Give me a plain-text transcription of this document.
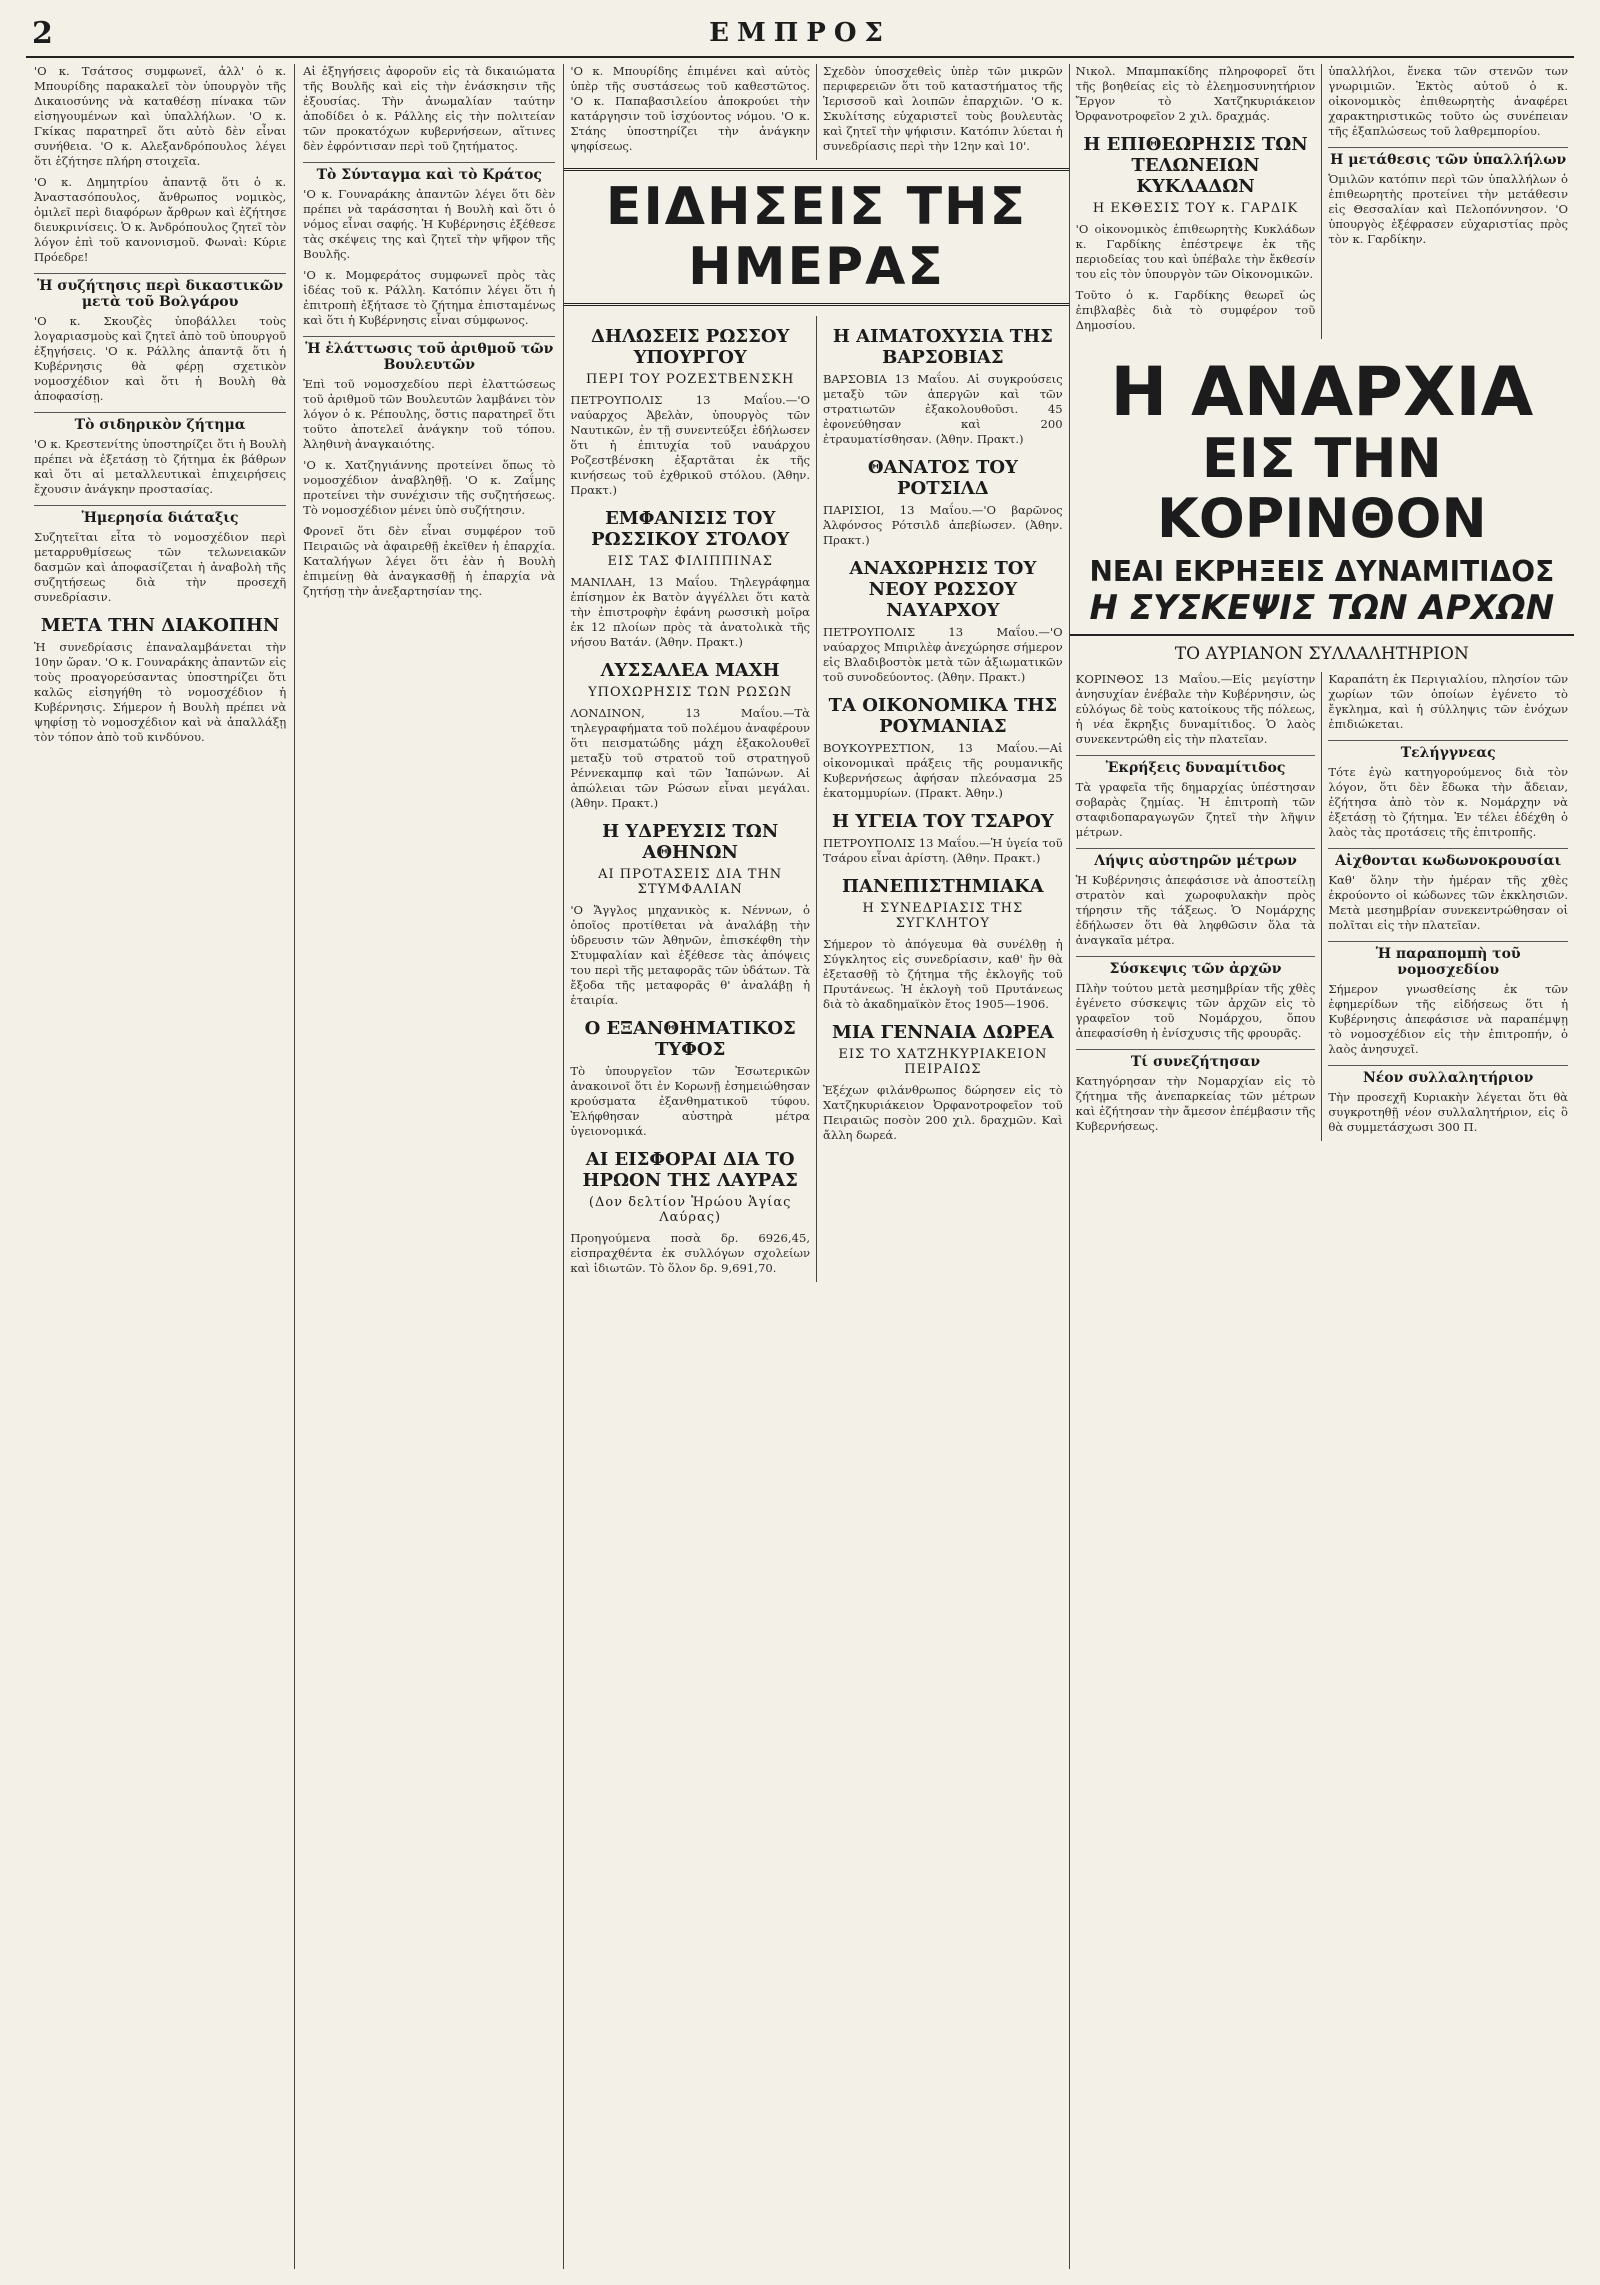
2	ΕΜΠΡΟΣ

'Ο κ. Τσάτσος συμφωνεῖ, ἀλλ' ὁ κ. Μπουρίδης παρακαλεῖ τὸν ὑπουργὸν τῆς Δικαιοσύνης νὰ καταθέσῃ πίνακα τῶν εἰσηγουμένων καὶ ὑπαλλήλων. 'Ο κ. Γκίκας παρατηρεῖ ὅτι αὐτὸ δὲν εἶναι συνήθεια. 'Ο κ. Αλεξανδρόπουλος λέγει ὅτι ἐζήτησε πλήρη στοιχεῖα.

'Ο κ. Δημητρίου ἀπαντᾷ ὅτι ὁ κ. Ἀναστασόπουλος, ἄνθρωπος νομικὸς, ὁμιλεῖ περὶ διαφόρων ἄρθρων καὶ ἐζήτησε διευκρινίσεις. Ὁ κ. Ἀνδρόπουλος ζητεῖ τὸν λόγον ἐπὶ τοῦ κανονισμοῦ. Φωναὶ: Κύριε Πρόεδρε!

Ἡ συζήτησις περὶ δικαστικῶν μετὰ τοῦ Βολγάρου

'Ο κ. Σκουζὲς ὑποβάλλει τοὺς λογαριασμοὺς καὶ ζητεῖ ἀπὸ τοῦ ὑπουργοῦ ἐξηγήσεις. 'Ο κ. Ράλλης ἀπαντᾷ ὅτι ἡ Κυβέρνησις θὰ φέρῃ σχετικὸν νομοσχέδιον καὶ ὅτι ἡ Βουλὴ θὰ ἀποφασίσῃ.

Τὸ σιδηρικὸν ζήτημα

'Ο κ. Κρεστενίτης ὑποστηρίζει ὅτι ἡ Βουλὴ πρέπει νὰ ἐξετάσῃ τὸ ζήτημα ἐκ βάθρων καὶ ὅτι αἱ μεταλλευτικαὶ ἐπιχειρήσεις ἔχουσιν ἀνάγκην προστασίας.

Ἡμερησία διάταξις

Συζητεῖται εἶτα τὸ νομοσχέδιον περὶ μεταρρυθμίσεως τῶν τελωνειακῶν δασμῶν καὶ ἀποφασίζεται ἡ ἀναβολὴ τῆς συζητήσεως διὰ τὴν προσεχῆ συνεδρίασιν.

ΜΕΤΑ ΤΗΝ ΔΙΑΚΟΠΗΝ

Ἡ συνεδρίασις ἐπαναλαμβάνεται τὴν 10ην ὥραν. 'Ο κ. Γουναράκης ἀπαντῶν εἰς τοὺς προαγορεύσαντας ὑποστηρίζει ὅτι καλῶς εἰσηγήθη τὸ νομοσχέδιον ἡ Κυβέρνησις. Σήμερον ἡ Βουλὴ πρέπει νὰ ψηφίσῃ τὸ νομοσχέδιον καὶ νὰ ἀπαλλάξῃ τὸν τόπον ἀπὸ τοῦ κινδύνου.

Αἱ ἐξηγήσεις ἀφοροῦν εἰς τὰ δικαιώματα τῆς Βουλῆς καὶ εἰς τὴν ἐνάσκησιν τῆς ἐξουσίας. Τὴν ἀνωμαλίαν ταύτην ἀποδίδει ὁ κ. Ράλλης εἰς τὴν πολιτείαν τῶν προκατόχων κυβερνήσεων, αἵτινες δὲν ἐφρόντισαν περὶ τοῦ ζητήματος.

Τὸ Σύνταγμα καὶ τὸ Κράτος

'Ο κ. Γουναράκης ἀπαντῶν λέγει ὅτι δὲν πρέπει νὰ ταράσσηται ἡ Βουλὴ καὶ ὅτι ὁ νόμος εἶναι σαφής. Ἡ Κυβέρνησις ἐξέθεσε τὰς σκέψεις της καὶ ζητεῖ τὴν ψῆφον τῆς Βουλῆς.

'Ο κ. Μομφεράτος συμφωνεῖ πρὸς τὰς ἰδέας τοῦ κ. Ράλλη. Κατόπιν λέγει ὅτι ἡ ἐπιτροπὴ ἐξήτασε τὸ ζήτημα ἐπισταμένως καὶ ὅτι ἡ Κυβέρνησις εἶναι σύμφωνος.

Ἡ ἐλάττωσις τοῦ ἀριθμοῦ τῶν Βουλευτῶν

Ἐπὶ τοῦ νομοσχεδίου περὶ ἐλαττώσεως τοῦ ἀριθμοῦ τῶν Βουλευτῶν λαμβάνει τὸν λόγον ὁ κ. Ρέπουλης, ὅστις παρατηρεῖ ὅτι τοῦτο ἀποτελεῖ ἀνάγκην τοῦ τόπου. Ἀληθινὴ ἀναγκαιότης.

'Ο κ. Χατζηγιάννης προτείνει ὅπως τὸ νομοσχέδιον ἀναβληθῇ. 'Ο κ. Ζαΐμης προτείνει τὴν συνέχισιν τῆς συζητήσεως. Τὸ νομοσχέδιον μένει ὑπὸ συζήτησιν.

Φρονεῖ ὅτι δὲν εἶναι συμφέρον τοῦ Πειραιῶς νὰ ἀφαιρεθῇ ἐκεῖθεν ἡ ἐπαρχία. Καταλήγων λέγει ὅτι ἐὰν ἡ Βουλὴ ἐπιμείνῃ θὰ ἀναγκασθῇ ἡ ἐπαρχία νὰ ζητήσῃ τὴν ἀνεξαρτησίαν της.

'Ο κ. Μπουρίδης ἐπιμένει καὶ αὐτὸς ὑπὲρ τῆς συστάσεως τοῦ καθεστῶτος. 'Ο κ. Παπαβασιλείου ἀποκρούει τὴν κατάργησιν τοῦ ἰσχύοντος νόμου. 'Ο κ. Στάης ὑποστηρίζει τὴν ἀνάγκην ψηφίσεως.

Σχεδὸν ὑποσχεθεὶς ὑπὲρ τῶν μικρῶν περιφερειῶν ὅτι τοῦ καταστήματος τῆς Ἱερισσοῦ καὶ λοιπῶν ἐπαρχιῶν. 'Ο κ. Σκυλίτσης εὐχαριστεῖ τοὺς βουλευτὰς καὶ ζητεῖ τὴν ψήφισιν. Κατόπιν λύεται ἡ συνεδρίασις περὶ τὴν 12ην καὶ 10'.

ΕΙΔΗΣΕΙΣ ΤΗΣ ΗΜΕΡΑΣ
ΔΗΛΩΣΕΙΣ ΡΩΣΣΟΥ ΥΠΟΥΡΓΟΥ
ΠΕΡΙ ΤΟΥ ΡΟΖΕΣΤΒΕΝΣΚΗ

ΠΕΤΡΟΥΠΟΛΙΣ 13 Μαΐου.—'Ο ναύαρχος Ἀβελὰν, ὑπουργὸς τῶν Ναυτικῶν, ἐν τῇ συνεντεύξει ἐδήλωσεν ὅτι ἡ ἐπιτυχία τοῦ ναυάρχου Ροζεστβένσκη ἐξαρτᾶται ἐκ τῆς κινήσεως τοῦ ἐχθρικοῦ στόλου. (Ἀθην. Πρακτ.)

ΕΜΦΑΝΙΣΙΣ ΤΟΥ ΡΩΣΣΙΚΟΥ ΣΤΟΛΟΥ
ΕΙΣ ΤΑΣ ΦΙΛΙΠΠΙΝΑΣ

ΜΑΝΙΛΑΗ, 13 Μαΐου. Τηλεγράφημα ἐπίσημον ἐκ Βατὸν ἀγγέλλει ὅτι κατὰ τὴν ἐπιστροφὴν ἐφάνη ρωσσικὴ μοῖρα ἐκ 12 πλοίων πρὸς τὰ ἀνατολικὰ τῆς νήσου Βατάν. (Ἀθην. Πρακτ.)

ΛΥΣΣΑΛΕΑ ΜΑΧΗ
ΥΠΟΧΩΡΗΣΙΣ ΤΩΝ ΡΩΣΩΝ

ΛΟΝΔΙΝΟΝ, 13 Μαΐου.—Τὰ τηλεγραφήματα τοῦ πολέμου ἀναφέρουν ὅτι πεισματώδης μάχη ἐξακολουθεῖ μεταξὺ τοῦ στρατοῦ τοῦ στρατηγοῦ Ρέννεκαμπφ καὶ τῶν Ἰαπώνων. Αἱ ἀπώλειαι τῶν Ρώσων εἶναι μεγάλαι. (Ἀθην. Πρακτ.)

Η ΥΔΡΕΥΣΙΣ ΤΩΝ ΑΘΗΝΩΝ
ΑΙ ΠΡΟΤΑΣΕΙΣ ΔΙΑ ΤΗΝ ΣΤΥΜΦΑΛΙΑΝ

'Ο Ἄγγλος μηχανικὸς κ. Νέννων, ὁ ὁποῖος προτίθεται νὰ ἀναλάβῃ τὴν ὑδρευσιν τῶν Ἀθηνῶν, ἐπισκέφθη τὴν Στυμφαλίαν καὶ ἐξέθεσε τὰς ἀπόψεις του περὶ τῆς μεταφορᾶς τῶν ὑδάτων. Τὰ ἔξοδα τῆς μεταφορᾶς θ' ἀναλάβῃ ἡ ἑταιρία.

Ο ΕΞΑΝΘΗΜΑΤΙΚΟΣ ΤΥΦΟΣ

Τὸ ὑπουργεῖον τῶν Ἐσωτερικῶν ἀνακοινοῖ ὅτι ἐν Κορωνῇ ἐσημειώθησαν κρούσματα ἐξανθηματικοῦ τύφου. Ἐλήφθησαν αὐστηρὰ μέτρα ὑγειονομικά.

ΑΙ ΕΙΣΦΟΡΑΙ ΔΙΑ ΤΟ ΗΡΩΟΝ ΤΗΣ ΛΑΥΡΑΣ
(Δον δελτίον Ἡρώου Ἁγίας Λαύρας)

Προηγούμενα ποσὰ δρ. 6926,45, εἰσπραχθέντα ἐκ συλλόγων σχολείων καὶ ἰδιωτῶν. Τὸ ὅλον δρ. 9,691,70.

Η ΑΙΜΑΤΟΧΥΣΙΑ ΤΗΣ ΒΑΡΣΟΒΙΑΣ

ΒΑΡΣΟΒΙΑ 13 Μαΐου. Αἱ συγκρούσεις μεταξὺ τῶν ἀπεργῶν καὶ τῶν στρατιωτῶν ἐξακολουθοῦσι. 45 ἐφονεύθησαν καὶ 200 ἐτραυματίσθησαν. (Ἀθην. Πρακτ.)

ΘΑΝΑΤΟΣ ΤΟΥ ΡΟΤΣΙΛΔ

ΠΑΡΙΣΙΟΙ, 13 Μαΐου.—'Ο βαρῶνος Ἀλφόνσος Ρότσιλδ ἀπεβίωσεν. (Ἀθην. Πρακτ.)

ΑΝΑΧΩΡΗΣΙΣ ΤΟΥ ΝΕΟΥ ΡΩΣΣΟΥ ΝΑΥΑΡΧΟΥ

ΠΕΤΡΟΥΠΟΛΙΣ 13 Μαΐου.—'Ο ναύαρχος Μπιριλὲφ ἀνεχώρησε σήμερον εἰς Βλαδιβοστὸκ μετὰ τῶν ἀξιωματικῶν τοῦ συνοδεύοντος. (Ἀθην. Πρακτ.)

ΤΑ ΟΙΚΟΝΟΜΙΚΑ ΤΗΣ ΡΟΥΜΑΝΙΑΣ

ΒΟΥΚΟΥΡΕΣΤΙΟΝ, 13 Μαΐου.—Αἱ οἰκονομικαὶ πράξεις τῆς ρουμανικῆς Κυβερνήσεως ἀφήσαν πλεόνασμα 25 ἑκατομμυρίων. (Πρακτ. Ἀθην.)

Η ΥΓΕΙΑ ΤΟΥ ΤΣΑΡΟΥ

ΠΕΤΡΟΥΠΟΛΙΣ 13 Μαΐου.—Ἡ ὑγεία τοῦ Τσάρου εἶναι ἀρίστη. (Ἀθην. Πρακτ.)

ΠΑΝΕΠΙΣΤΗΜΙΑΚΑ
Η ΣΥΝΕΔΡΙΑΣΙΣ ΤΗΣ ΣΥΓΚΛΗΤΟΥ

Σήμερον τὸ ἀπόγευμα θὰ συνέλθῃ ἡ Σύγκλητος εἰς συνεδρίασιν, καθ' ἣν θὰ ἐξετασθῇ τὸ ζήτημα τῆς ἐκλογῆς τοῦ Πρυτάνεως. Ἡ ἐκλογὴ τοῦ Πρυτάνεως διὰ τὸ ἀκαδημαϊκὸν ἔτος 1905—1906.

ΜΙΑ ΓΕΝΝΑΙΑ ΔΩΡΕΑ
ΕΙΣ ΤΟ ΧΑΤΖΗΚΥΡΙΑΚΕΙΟΝ ΠΕΙΡΑΙΩΣ

Ἐξέχων φιλάνθρωπος δώρησεν εἰς τὸ Χατζηκυριάκειον Ὀρφανοτροφεῖον τοῦ Πειραιῶς ποσὸν 200 χιλ. δραχμῶν. Καὶ ἄλλη δωρεά.

Νικολ. Μπαμπακίδης πληροφορεῖ ὅτι τῆς βοηθείας εἰς τὸ ἐλεημοσυνητήριον Ἔργον τὸ Χατζηκυριάκειον Ὀρφανοτροφεῖον 2 χιλ. δραχμάς.

Η ΕΠΙΘΕΩΡΗΣΙΣ ΤΩΝ ΤΕΛΩΝΕΙΩΝ ΚΥΚΛΑΔΩΝ
Η ΕΚΘΕΣΙΣ ΤΟΥ κ. ΓΑΡΔΙΚ

'Ο οἰκονομικὸς ἐπιθεωρητὴς Κυκλάδων κ. Γαρδίκης ἐπέστρεψε ἐκ τῆς περιοδείας του καὶ ὑπέβαλε τὴν ἔκθεσίν του εἰς τὸν ὑπουργὸν τῶν Οἰκονομικῶν.

Τοῦτο ὁ κ. Γαρδίκης θεωρεῖ ὡς ἐπιβλαβὲς διὰ τὸ συμφέρον τοῦ Δημοσίου.

ὑπαλλήλοι, ἕνεκα τῶν στενῶν των γνωριμιῶν. Ἐκτὸς αὐτοῦ ὁ κ. οἰκονομικὸς ἐπιθεωρητὴς ἀναφέρει χαρακτηριστικῶς τοῦτο ὡς συνέπειαν τῆς ἐξαπλώσεως τοῦ λαθρεμπορίου.

Η μετάθεσις τῶν ὑπαλλήλων

Ὁμιλῶν κατόπιν περὶ τῶν ὑπαλλήλων ὁ ἐπιθεωρητὴς προτείνει τὴν μετάθεσιν εἰς Θεσσαλίαν καὶ Πελοπόννησον. 'Ο ὑπουργὸς ἐξέφρασεν εὐχαριστίας πρὸς τὸν κ. Γαρδίκην.

Η ΑΝΑΡΧΙΑ
ΕΙΣ ΤΗΝ ΚΟΡΙΝΘΟΝ
ΝΕΑΙ ΕΚΡΗΞΕΙΣ ΔΥΝΑΜΙΤΙΔΟΣ
Η ΣΥΣΚΕΨΙΣ ΤΩΝ ΑΡΧΩΝ
ΤΟ ΑΥΡΙΑΝΟΝ ΣΥΛΛΑΛΗΤΗΡΙΟΝ

ΚΟΡΙΝΘΟΣ 13 Μαΐου.—Εἰς μεγίστην ἀνησυχίαν ἐνέβαλε τὴν Κυβέρνησιν, ὡς εὐλόγως δὲ τοὺς κατοίκους τῆς πόλεως, ἡ νέα ἔκρηξις δυναμίτιδος. Ὁ λαὸς συνεκεντρώθη εἰς τὴν πλατεῖαν.

Ἐκρήξεις δυναμίτιδος

Τὰ γραφεῖα τῆς δημαρχίας ὑπέστησαν σοβαρὰς ζημίας. Ἡ ἐπιτροπὴ τῶν σταφιδοπαραγωγῶν ζητεῖ τὴν λῆψιν μέτρων.

Λήψις αὐστηρῶν μέτρων

Ἡ Κυβέρνησις ἀπεφάσισε νὰ ἀποστείλῃ στρατὸν καὶ χωροφυλακὴν πρὸς τήρησιν τῆς τάξεως. Ὁ Νομάρχης ἐδήλωσεν ὅτι θὰ ληφθῶσιν ὅλα τὰ ἀναγκαῖα μέτρα.

Σύσκεψις τῶν ἀρχῶν

Πλὴν τούτου μετὰ μεσημβρίαν τῆς χθὲς ἐγένετο σύσκεψις τῶν ἀρχῶν εἰς τὸ γραφεῖον τοῦ Νομάρχου, ὅπου ἀπεφασίσθη ἡ ἐνίσχυσις τῆς φρουρᾶς.

Τί συνεζήτησαν

Κατηγόρησαν τὴν Νομαρχίαν εἰς τὸ ζήτημα τῆς ἀνεπαρκείας τῶν μέτρων καὶ ἐζήτησαν τὴν ἄμεσον ἐπέμβασιν τῆς Κυβερνήσεως.

Καραπάτη ἐκ Περιγιαλίου, πλησίον τῶν χωρίων τῶν ὁποίων ἐγένετο τὸ ἔγκλημα, καὶ ἡ σύλληψις τῶν ἐνόχων ἐπιδιώκεται.

Τελήγγνεας

Τότε ἐγὼ κατηγορούμενος διὰ τὸν λόγον, ὅτι δὲν ἔδωκα τὴν ἄδειαν, ἐζήτησα ἀπὸ τὸν κ. Νομάρχην νὰ ἐξετάσῃ τὸ ζήτημα. Ἐν τέλει ἐδέχθη ὁ λαὸς τὰς προτάσεις τῆς ἐπιτροπῆς.

Αἰχθονται κωδωνοκρουσίαι

Καθ' ὅλην τὴν ἡμέραν τῆς χθὲς ἐκρούοντο οἱ κώδωνες τῶν ἐκκλησιῶν. Μετὰ μεσημβρίαν συνεκεντρώθησαν οἱ πολῖται εἰς τὴν πλατεῖαν.

Ἡ παραπομπὴ τοῦ νομοσχεδίου

Σήμερον γνωσθείσης ἐκ τῶν ἐφημερίδων τῆς εἰδήσεως ὅτι ἡ Κυβέρνησις ἀπεφάσισε νὰ παραπέμψῃ τὸ νομοσχέδιον εἰς τὴν ἐπιτροπήν, ὁ λαὸς ἀνησυχεῖ.

Νέον συλλαλητήριον

Τὴν προσεχῆ Κυριακὴν λέγεται ὅτι θὰ συγκροτηθῇ νέον συλλαλητήριον, εἰς ὃ θὰ συμμετάσχωσι 300 Π.
